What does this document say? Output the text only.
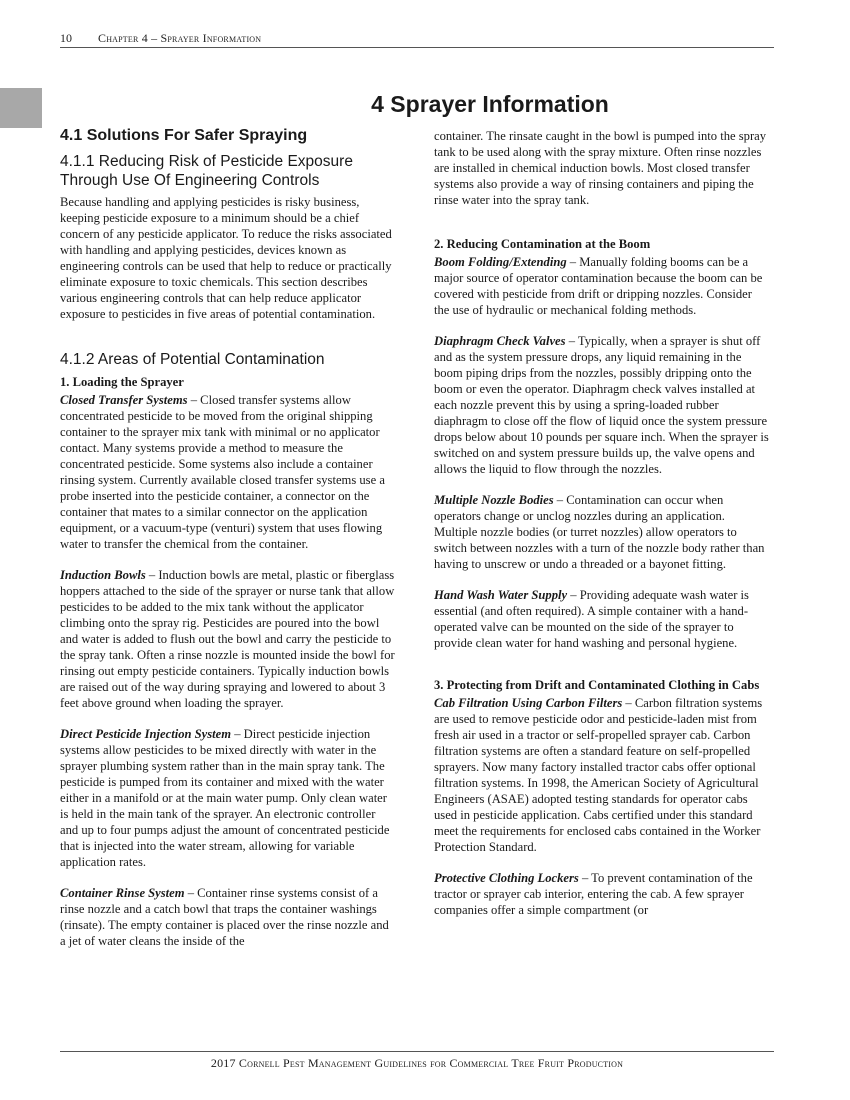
10 Chapter 4 – Sprayer Information
4 Sprayer Information
4.1 Solutions For Safer Spraying
4.1.1 Reducing Risk of Pesticide Exposure Through Use Of Engineering Controls

Because handling and applying pesticides is risky business, keeping pesticide exposure to a minimum should be a chief concern of any pesticide applicator. To reduce the risks associated with handling and applying pesticides, devices known as engineering controls can be used that help to reduce or practically eliminate exposure to toxic chemicals. This section describes various engineering controls that can help reduce applicator exposure to pesticides in five areas of potential contamination.

4.1.2 Areas of Potential Contamination
1. Loading the Sprayer

Closed Transfer Systems – Closed transfer systems allow concentrated pesticide to be moved from the original shipping container to the sprayer mix tank with minimal or no applicator contact. Many systems provide a method to measure the concentrated pesticide. Some systems also include a container rinsing system. Currently available closed transfer systems use a probe inserted into the pesticide container, a connector on the container that mates to a similar connector on the application equipment, or a vacuum-type (venturi) system that uses flowing water to transfer the chemical from the container.

Induction Bowls – Induction bowls are metal, plastic or fiberglass hoppers attached to the side of the sprayer or nurse tank that allow pesticides to be added to the mix tank without the applicator climbing onto the spray rig. Pesticides are poured into the bowl and water is added to flush out the bowl and carry the pesticide to the spray tank. Often a rinse nozzle is mounted inside the bowl for rinsing out empty pesticide containers. Typically induction bowls are raised out of the way during spraying and lowered to about 3 feet above ground when loading the sprayer.

Direct Pesticide Injection System – Direct pesticide injection systems allow pesticides to be mixed directly with water in the sprayer plumbing system rather than in the main spray tank. The pesticide is pumped from its container and mixed with the water either in a manifold or at the main water pump. Only clean water is held in the main tank of the sprayer. An electronic controller and up to four pumps adjust the amount of concentrated pesticide that is injected into the water stream, allowing for variable application rates.

Container Rinse System – Container rinse systems consist of a rinse nozzle and a catch bowl that traps the container washings (rinsate). The empty container is placed over the rinse nozzle and a jet of water cleans the inside of the

container. The rinsate caught in the bowl is pumped into the spray tank to be used along with the spray mixture. Often rinse nozzles are installed in chemical induction bowls. Most closed transfer systems also provide a way of rinsing containers and piping the rinse water into the spray tank.

2. Reducing Contamination at the Boom

Boom Folding/Extending – Manually folding booms can be a major source of operator contamination because the boom can be covered with pesticide from drift or dripping nozzles. Consider the use of hydraulic or mechanical folding methods.

Diaphragm Check Valves – Typically, when a sprayer is shut off and as the system pressure drops, any liquid remaining in the boom piping drips from the nozzles, possibly dripping onto the boom or even the operator. Diaphragm check valves installed at each nozzle prevent this by using a spring-loaded rubber diaphragm to close off the flow of liquid once the system pressure drops below about 10 pounds per square inch. When the sprayer is switched on and system pressure builds up, the valve opens and allows the liquid to flow through the nozzles.

Multiple Nozzle Bodies – Contamination can occur when operators change or unclog nozzles during an application. Multiple nozzle bodies (or turret nozzles) allow operators to switch between nozzles with a turn of the nozzle body rather than having to unscrew or undo a threaded or a bayonet fitting.

Hand Wash Water Supply – Providing adequate wash water is essential (and often required). A simple container with a hand-operated valve can be mounted on the side of the sprayer to provide clean water for hand washing and personal hygiene.

3. Protecting from Drift and Contaminated Clothing in Cabs

Cab Filtration Using Carbon Filters – Carbon filtration systems are used to remove pesticide odor and pesticide-laden mist from fresh air used in a tractor or self-propelled sprayer cab. Carbon filtration systems are often a standard feature on self-propelled sprayers. Now many factory installed tractor cabs offer optional filtration systems. In 1998, the American Society of Agricultural Engineers (ASAE) adopted testing standards for operator cabs used in pesticide application. Cabs certified under this standard meet the requirements for enclosed cabs contained in the Worker Protection Standard.

Protective Clothing Lockers – To prevent contamination of the tractor or sprayer cab interior, entering the cab. A few sprayer companies offer a simple compartment (or

2017 Cornell Pest Management Guidelines for Commercial Tree Fruit Production
